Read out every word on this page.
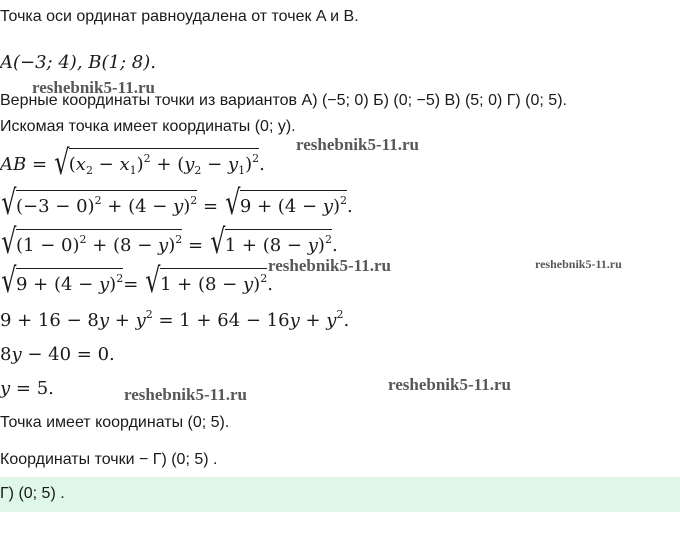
Точка оси ординат равноудалена от точек A и B.
A(−3; 4), B(1; 8).
Верные координаты точки из вариантов А) (−5; 0) Б) (0; −5) В) (5; 0) Г) (0; 5).
Искомая точка имеет координаты (0; y).
AB = √ $(x_2 - x_1)^2 + (y_2 - y_1)^2$.
√ $(-3 - 0)^2 + (4 - y)^2$ = √ $9 + (4 - y)^2$.
√ $(1 - 0)^2 + (8 - y)^2$ = √ $1 + (8 - y)^2$.
√ $9 + (4 - y)^2=$ √ $1 + (8 - y)^2$.
$9 + 16 - 8y + y^2 = 1 + 64 - 16y + y^2$.
8y − 40 = 0.
y = 5.
Точка имеет координаты (0; 5).
Координаты точки − Г) (0; 5) .
Г) (0; 5) .
reshebnik5-11.ru
reshebnik5-11.ru
reshebnik5-11.ru	reshebnik5-11.ru
reshebnik5-11.ru
reshebnik5-11.ru
